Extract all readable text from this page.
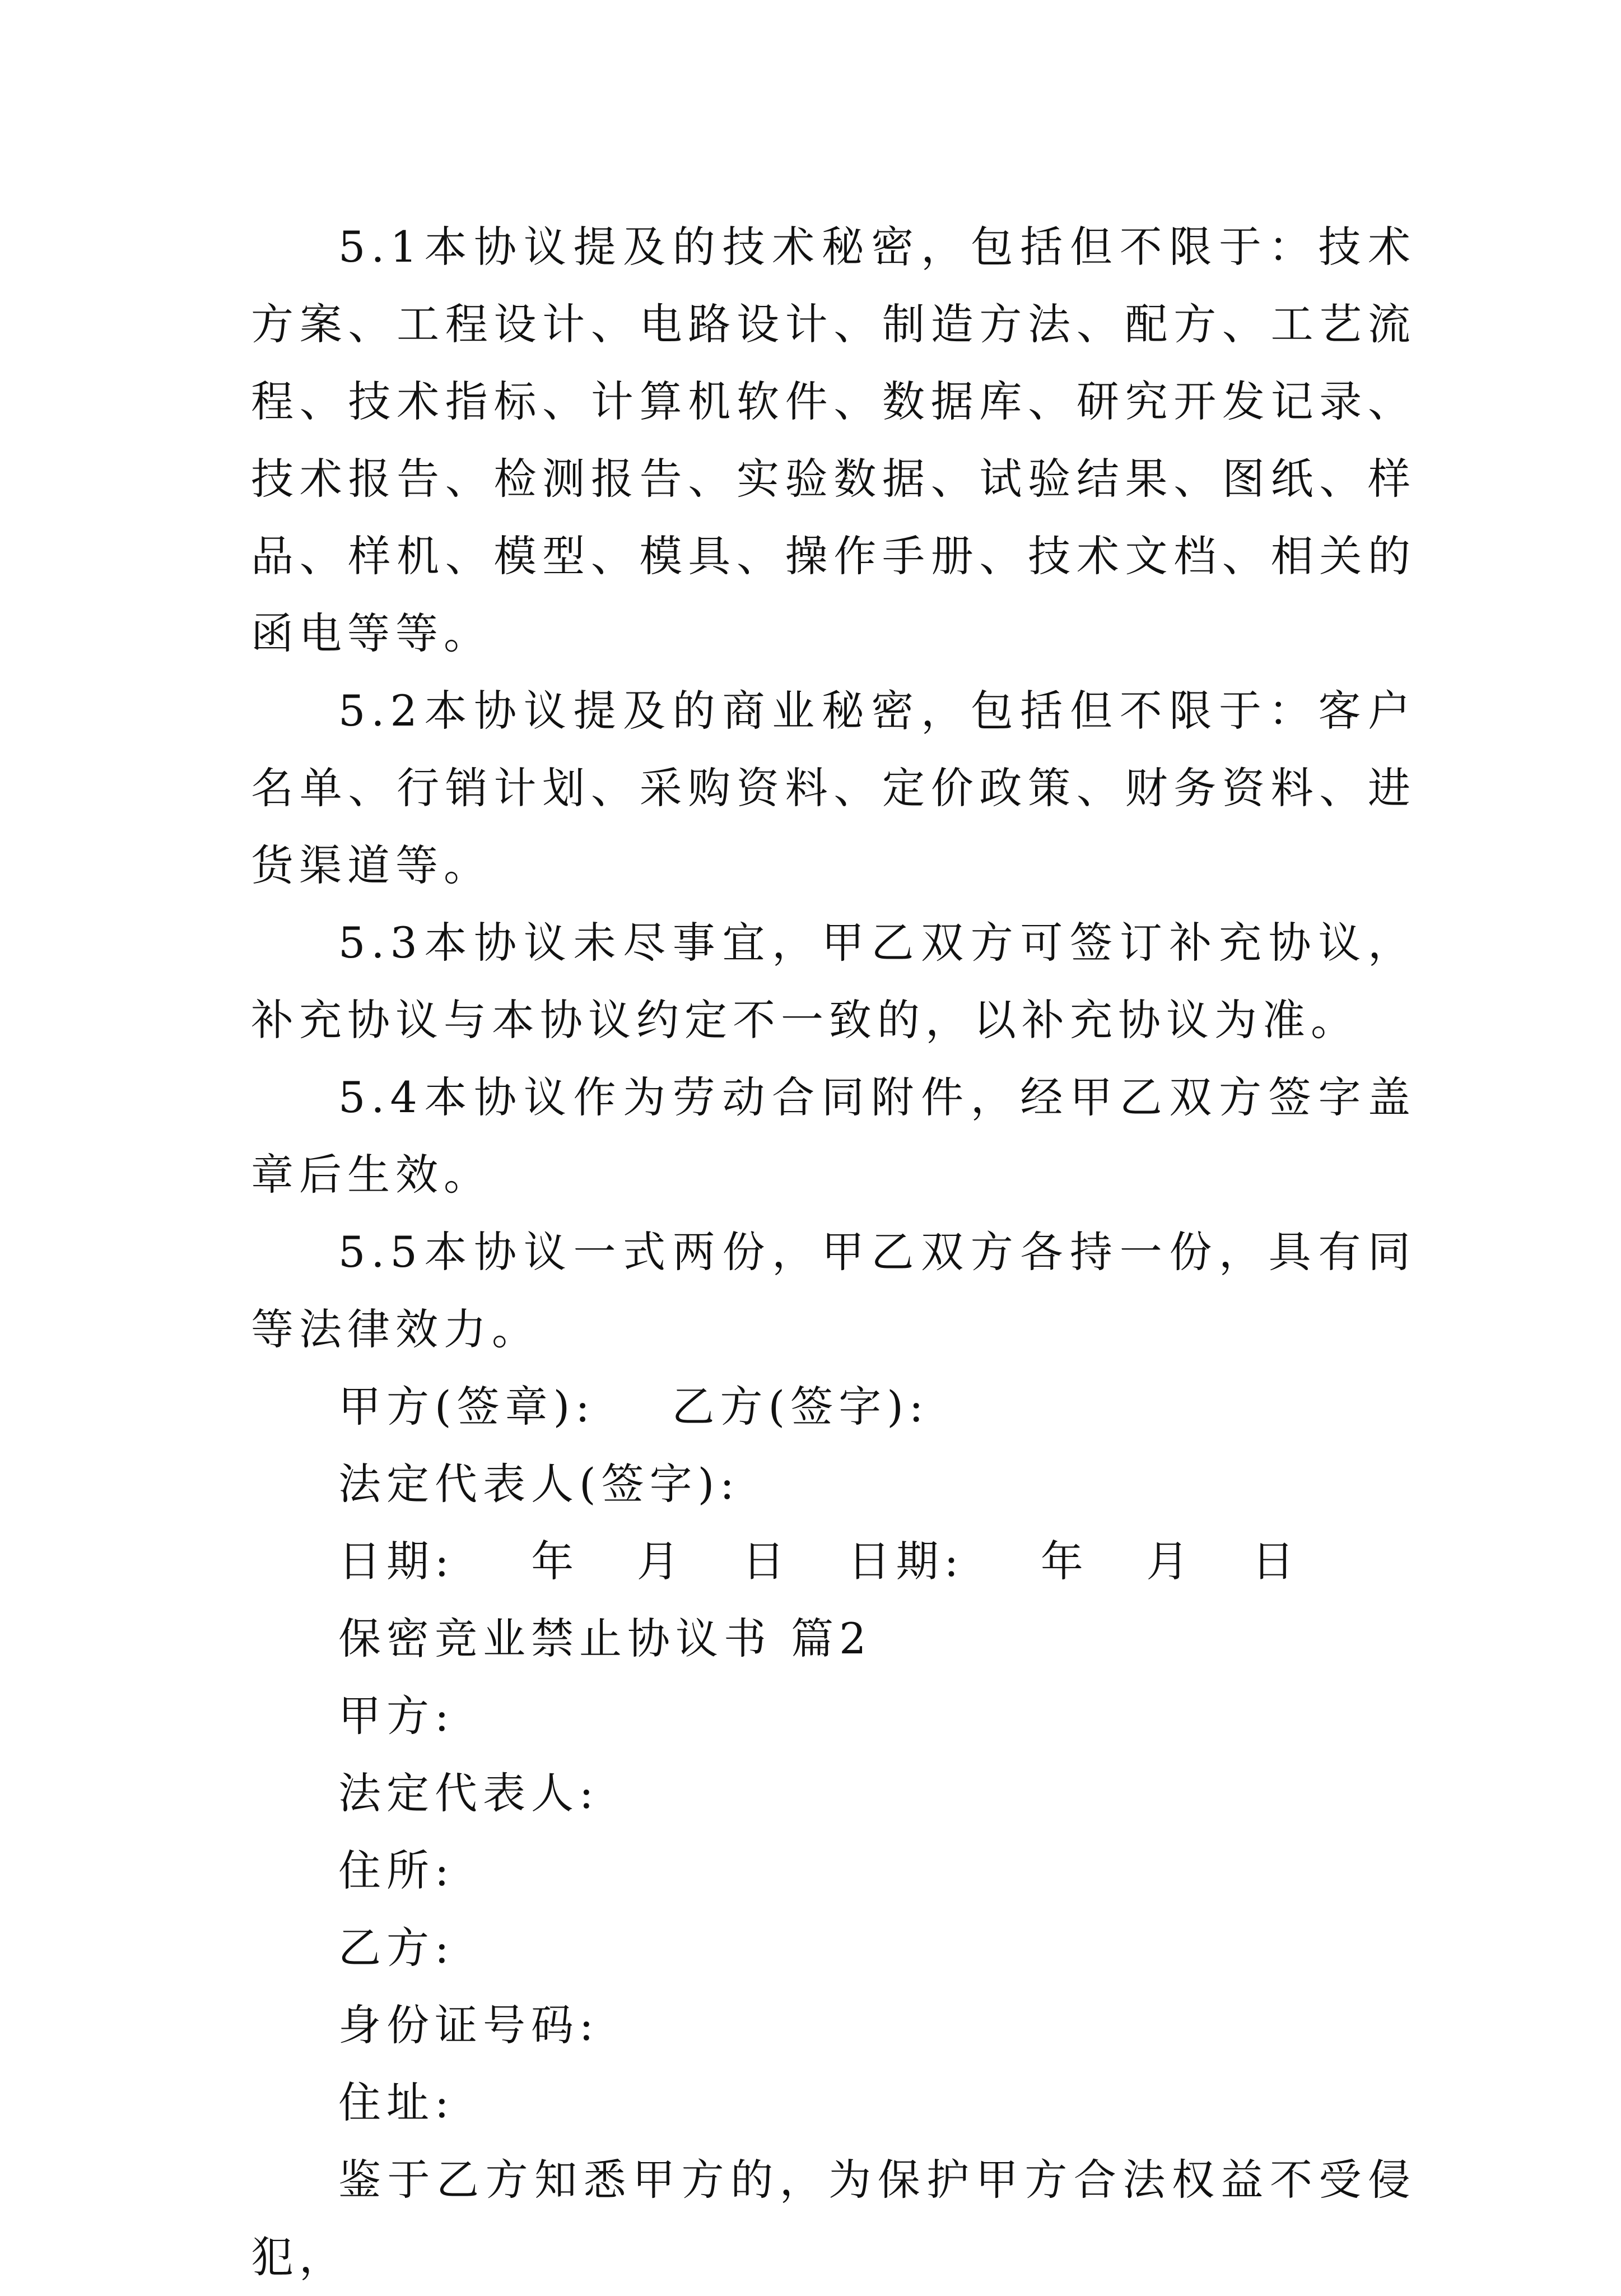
5.1本协议提及的技术秘密，包括但不限于：技术方案、工程设计、电路设计、制造方法、配方、工艺流程、技术指标、计算机软件、数据库、研究开发记录、技术报告、检测报告、实验数据、试验结果、图纸、样品、样机、模型、模具、操作手册、技术文档、相关的函电等等。

5.2本协议提及的商业秘密，包括但不限于：客户名单、行销计划、采购资料、定价政策、财务资料、进货渠道等。

5.3本协议未尽事宜，甲乙双方可签订补充协议，补充协议与本协议约定不一致的，以补充协议为准。

5.4本协议作为劳动合同附件，经甲乙双方签字盖章后生效。

5.5本协议一式两份，甲乙双方各持一份，具有同等法律效力。

甲方(签章):    乙方(签字):

法定代表人(签字):

日期:    年   月   日   日期:    年   月   日

保密竞业禁止协议书 篇2

甲方:

法定代表人:

住所:

乙方:

身份证号码:

住址:

鉴于乙方知悉甲方的，为保护甲方合法权益不受侵犯，
